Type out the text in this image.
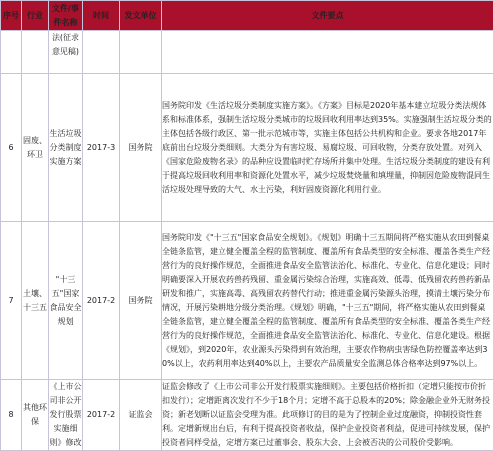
序号	行业	文件/事件名称	时间	发文单位	文件要点

		法(征求意见稿)			

6	固废、环卫	生活垃圾分类制度实施方案	2017-3	国务院	国务院印发《生活垃圾分类制度实施方案》。《方案》目标是2020年基本建立垃圾分类法规体系和标准体系，强制生活垃圾分类城市的垃圾回收利用率达到35%。实施强制生活垃圾分类的主体包括各级行政区、第一批示范城市等，实施主体包括公共机构和企业。要求各地2017年底前出台垃圾分类细则。大类分为有害垃圾、易腐垃圾、可回收物，分类存放处置。对列入《国家危险废物名录》的品种应设置临时贮存场所并集中处理。生活垃圾分类制度的建设有利于提高垃圾回收利用率和资源化处置水平，减少垃圾焚烧量和填埋量，抑制因危险废物混同生活垃圾处理导致的大气、水土污染，利好固废资源化利用行业。
7	土壤、十三五	"十三五"国家食品安全规划	2017-2	国务院	国务院印发《"十三五"国家食品安全规划》。《规划》明确十三五期间将严格实施从农田到餐桌全链条监管，建立健全覆盖全程的监管制度、覆盖所有食品类型的安全标准、覆盖各类生产经营行为的良好操作规范，全面推进食品安全监管法治化、标准化、专业化、信息化建设；同时明确要深入开展农药兽药残留、重金属污染综合治理，实施高效、低毒、低残留农药兽药新品研发和推广，实施高毒、高残留农药替代行动；推进重金属污染源头治理，摸清土壤污染分布情况，开展污染耕地分级分类治理。《规划》明确，"十三五"期间，将严格实施从农田到餐桌全链条监管，建立健全覆盖全程的监管制度、覆盖所有食品类型的安全标准、覆盖各类生产经营行为的良好操作规范，全面推进食品安全监管法治化、标准化、专业化、信息化建设。根据《规划》，到2020年，农业源头污染得到有效治理，主要农作物病虫害绿色防控覆盖率达到30%以上，农药利用率达到40%以上，主要农产品质量安全监测总体合格率达到97%以上。
8	其他环保	《上市公司非公开发行股票实施细则》修改	2017-2	证监会	证监会修改了《上市公司非公开发行股票实施细则》。主要包括价格折扣（定增只能按市价折扣发行）；定增距离次发行不少于18个月；定增不高于总股本的20%；除金融企业外无财务投资；新老划断以证监会受理为准。此项修订的目的是为了控制企业过度融资，抑制投资性套利。定增新规出台后，有利于提高投资者收益，保护企业投资者利益，促进可持续发展，保护投资者同样受益，定增方案已过董事会、股东大会、上会被否决的公司股价受影响。
